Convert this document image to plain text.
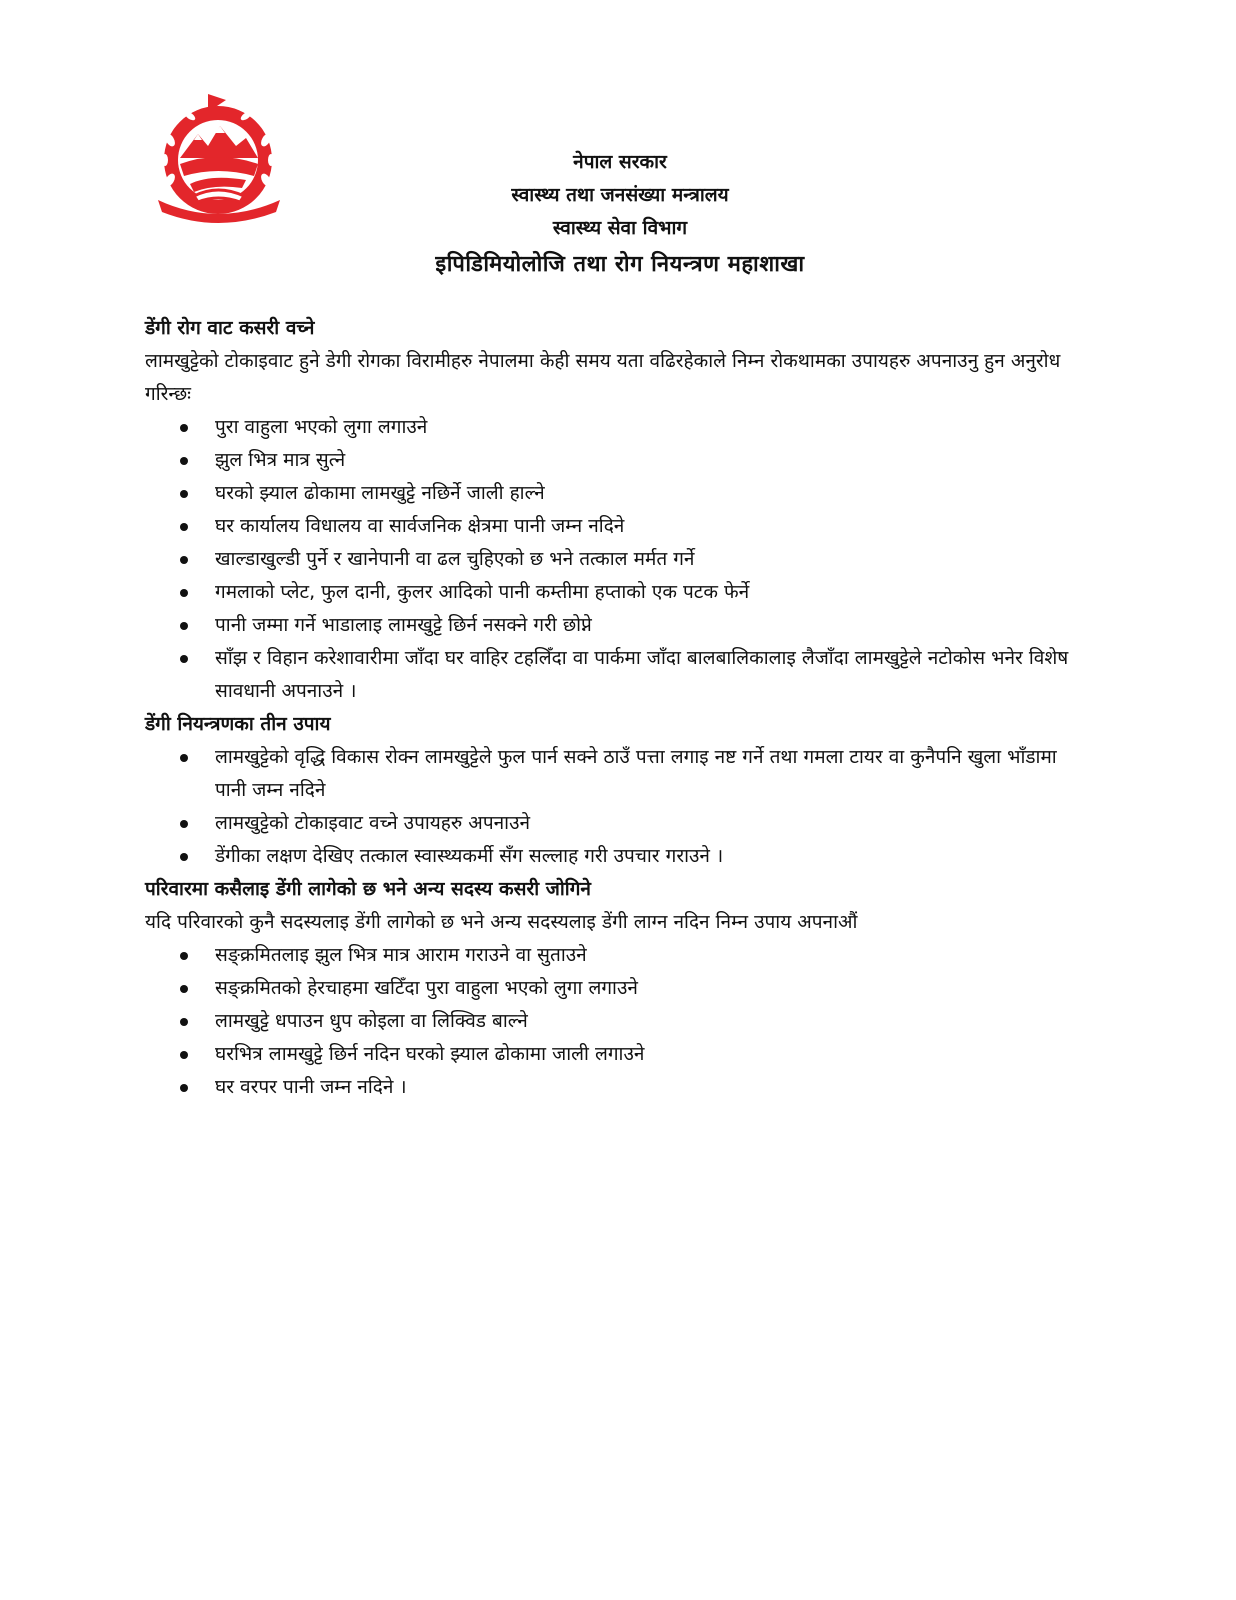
नेपाल सरकार
स्वास्थ्य तथा जनसंख्या मन्त्रालय
स्वास्थ्य सेवा विभाग
इपिडिमियोलोजि तथा रोग नियन्त्रण महाशाखा
डेंगी रोग वाट कसरी वच्ने
लामखुट्टेको टोकाइवाट हुने डेगी रोगका विरामीहरु नेपालमा केही समय यता वढिरहेकाले निम्न रोकथामका उपायहरु अपनाउनु हुन अनुरोध गरिन्छः
पुरा वाहुला भएको लुगा लगाउने
झुल भित्र मात्र सुत्ने
घरको झ्याल ढोकामा लामखुट्टे नछिर्ने जाली हाल्ने
घर कार्यालय विधालय वा सार्वजनिक क्षेत्रमा पानी जम्न नदिने
खाल्डाखुल्डी पुर्ने र खानेपानी वा ढल चुहिएको छ भने तत्काल मर्मत गर्ने
गमलाको प्लेट, फुल दानी, कुलर आदिको पानी कम्तीमा हप्ताको एक पटक फेर्ने
पानी जम्मा गर्ने भाडालाइ लामखुट्टे छिर्न नसक्ने गरी छोप्ने
साँझ र विहान करेशावारीमा जाँदा घर वाहिर टहलिँदा वा पार्कमा जाँदा बालबालिकालाइ लैजाँदा लामखुट्टेले नटोकोस भनेर विशेष सावधानी अपनाउने ।
डेंगी नियन्त्रणका तीन उपाय
लामखुट्टेको वृद्धि विकास रोक्न लामखुट्टेले फुल पार्न सक्ने ठाउँ पत्ता लगाइ नष्ट गर्ने तथा गमला टायर वा कुनैपनि खुला भाँडामा पानी जम्न नदिने
लामखुट्टेको टोकाइवाट वच्ने उपायहरु अपनाउने
डेंगीका लक्षण देखिए तत्काल स्वास्थ्यकर्मी सँग सल्लाह गरी उपचार गराउने ।
परिवारमा कसैलाइ डेंगी लागेको छ भने अन्य सदस्य कसरी जोगिने
यदि परिवारको कुनै सदस्यलाइ डेंगी लागेको छ भने अन्य सदस्यलाइ डेंगी लाग्न नदिन निम्न उपाय अपनाऔं
सङ्क्रमितलाइ झुल भित्र मात्र आराम गराउने वा सुताउने
सङ्क्रमितको हेरचाहमा खटिँदा पुरा वाहुला भएको लुगा लगाउने
लामखुट्टे धपाउन धुप कोइला वा लिक्विड बाल्ने
घरभित्र लामखुट्टे छिर्न नदिन घरको झ्याल ढोकामा जाली लगाउने
घर वरपर पानी जम्न नदिने ।
